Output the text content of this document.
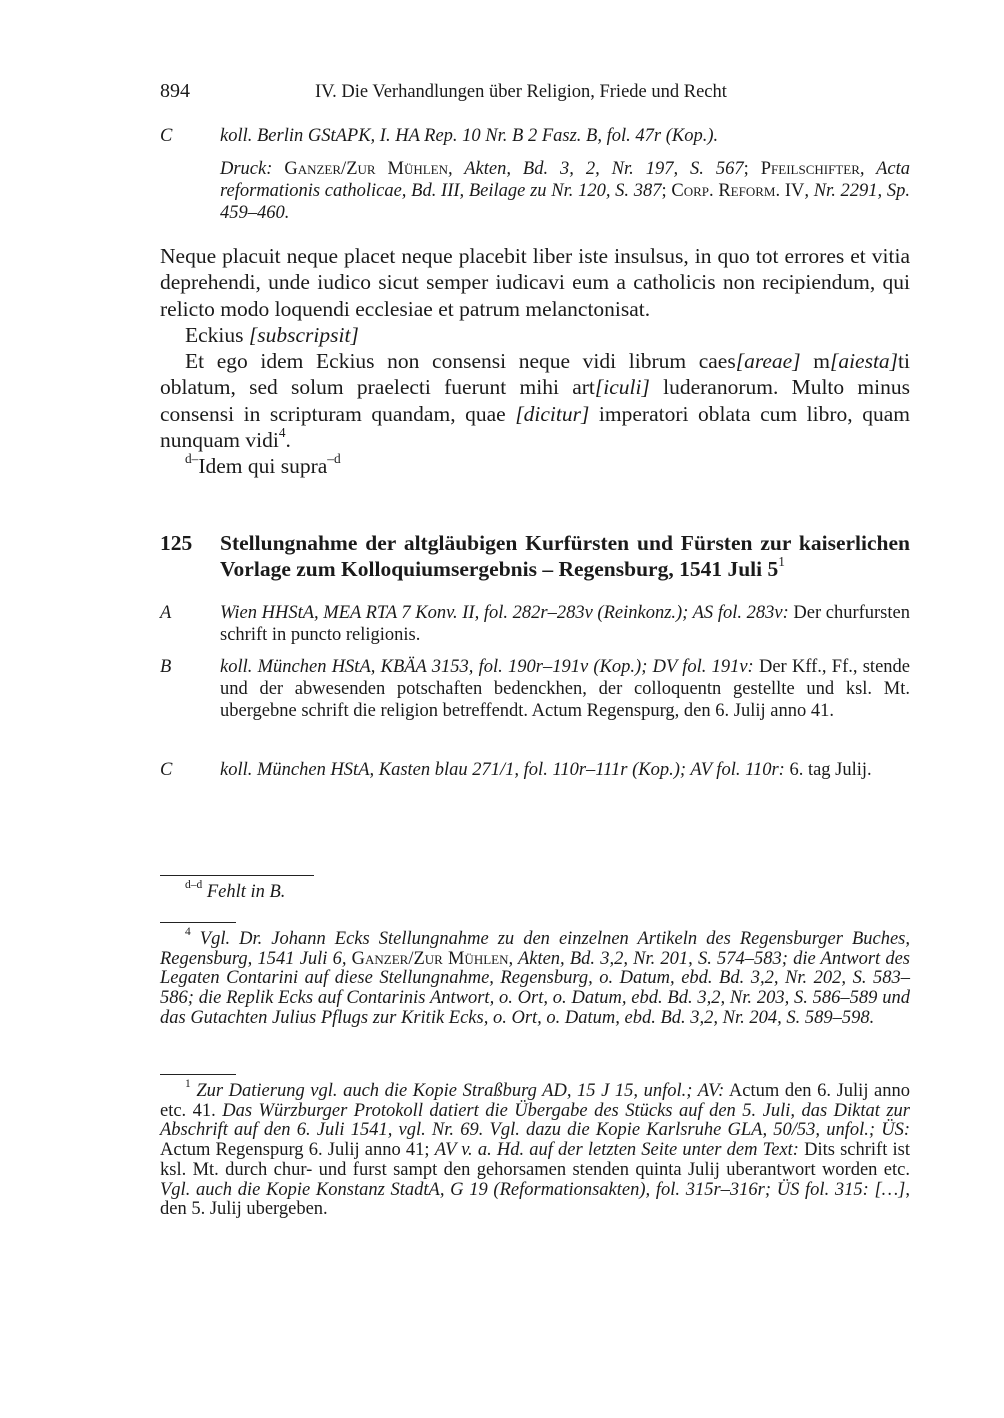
894	IV. Die Verhandlungen über Religion, Friede und Recht
C	koll. Berlin GStAPK, I. HA Rep. 10 Nr. B 2 Fasz. B, fol. 47r (Kop.).
Druck: Ganzer/Zur Mühlen, Akten, Bd. 3, 2, Nr. 197, S. 567; Pfeilschifter, Acta reformationis catholicae, Bd. III, Beilage zu Nr. 120, S. 387; Corp. Reform. IV, Nr. 2291, Sp. 459–460.

Neque placuit neque placet neque placebit liber iste insulsus, in quo tot errores et vitia deprehendi, unde iudico sicut semper iudicavi eum a catholicis non recipiendum, qui relicto modo loquendi ecclesiae et patrum melanctonisat.

Eckius [subscripsit]

Et ego idem Eckius non consensi neque vidi librum caes[areae] m[aiesta]ti oblatum, sed solum praelecti fuerunt mihi art[iculi] luderanorum. Multo minus consensi in scripturam quandam, quae [dicitur] imperatori oblata cum libro, quam nunquam vidi$^4$.

$^{d-}$Idem qui supra$^{-d}$

125 Stellungnahme der altgläubigen Kurfürsten und Fürsten zur kaiserlichen Vorlage zum Kolloquiumsergebnis – Regensburg, 1541 Juli $5^1$
A	Wien HHStA, MEA RTA 7 Konv. II, fol. 282r–283v (Reinkonz.); AS fol. 283v: Der churfursten schrift in puncto religionis.
B	koll. München HStA, KBÄA 3153, fol. 190r–191v (Kop.); DV fol. 191v: Der Kff., Ff., stende und der abwesenden potschaften bedenckhen, der colloquentn gestellte und ksl. Mt. ubergebne schrift die religion betreffendt. Actum Regenspurg, den 6. Julij anno 41.
C	koll. München HStA, Kasten blau 271/1, fol. 110r–111r (Kop.); AV fol. 110r: 6. tag Julij.

$^{d-d}$ Fehlt in B.

$^4$ Vgl. Dr. Johann Ecks Stellungnahme zu den einzelnen Artikeln des Regensburger Buches, Regensburg, 1541 Juli 6, Ganzer/Zur Mühlen, Akten, Bd. 3,2, Nr. 201, S. 574–583; die Antwort des Legaten Contarini auf diese Stellungnahme, Regensburg, o. Datum, ebd. Bd. 3,2, Nr. 202, S. 583–586; die Replik Ecks auf Contarinis Antwort, o. Ort, o. Datum, ebd. Bd. 3,2, Nr. 203, S. 586–589 und das Gutachten Julius Pflugs zur Kritik Ecks, o. Ort, o. Datum, ebd. Bd. 3,2, Nr. 204, S. 589–598.

$^1$ Zur Datierung vgl. auch die Kopie Straßburg AD, 15 J 15, unfol.; AV: Actum den 6. Julij anno etc. 41. Das Würzburger Protokoll datiert die Übergabe des Stücks auf den 5. Juli, das Diktat zur Abschrift auf den 6. Juli 1541, vgl. Nr. 69. Vgl. dazu die Kopie Karlsruhe GLA, 50/53, unfol.; ÜS: Actum Regenspurg 6. Julij anno 41; AV v. a. Hd. auf der letzten Seite unter dem Text: Dits schrift ist ksl. Mt. durch chur- und furst sampt den gehorsamen stenden quinta Julij uberantwort worden etc. Vgl. auch die Kopie Konstanz StadtA, G 19 (Reformationsakten), fol. 315r–316r; ÜS fol. 315: […], den 5. Julij ubergeben.
